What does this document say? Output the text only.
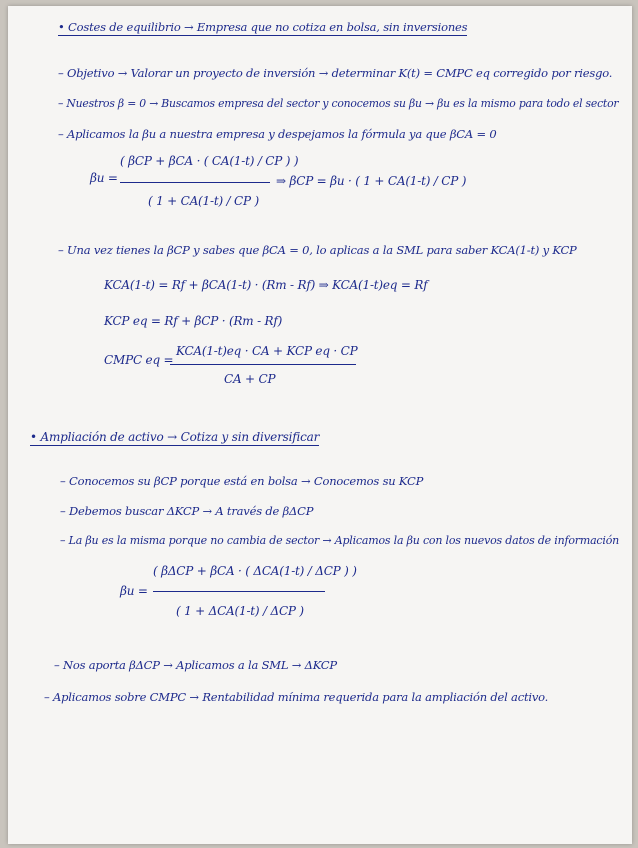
• Costes de equilibrio → Empresa que no cotiza en bolsa, sin inversiones
– Objetivo → Valorar un proyecto de inversión → determinar K(t) = CMPC eq corregido por riesgo.
– Nuestros β = 0 → Buscamos empresa del sector y conocemos su βu → βu es la mismo para todo el sector
– Aplicamos la βu a nuestra empresa y despejamos la fórmula ya que βCA = 0
βu =
( βCP + βCA · ( CA(1-t) / CP ) )
( 1 + CA(1-t) / CP )
⇒ βCP = βu · ( 1 + CA(1-t) / CP )
– Una vez tienes la βCP y sabes que βCA = 0, lo aplicas a la SML para saber KCA(1-t) y KCP
KCA(1-t) = Rf + βCA(1-t) · (Rm - Rf) ⇒ KCA(1-t)eq = Rf
KCP eq = Rf + βCP · (Rm - Rf)
CMPC eq =
KCA(1-t)eq · CA + KCP eq · CP
CA + CP
• Ampliación de activo → Cotiza y sin diversificar
– Conocemos su βCP porque está en bolsa → Conocemos su KCP
– Debemos buscar ΔKCP → A través de βΔCP
– La βu es la misma porque no cambia de sector → Aplicamos la βu con los nuevos datos de información
βu =
( βΔCP + βCA · ( ΔCA(1-t) / ΔCP ) )
( 1 + ΔCA(1-t) / ΔCP )
– Nos aporta βΔCP → Aplicamos a la SML → ΔKCP
– Aplicamos sobre CMPC → Rentabilidad mínima requerida para la ampliación del activo.
